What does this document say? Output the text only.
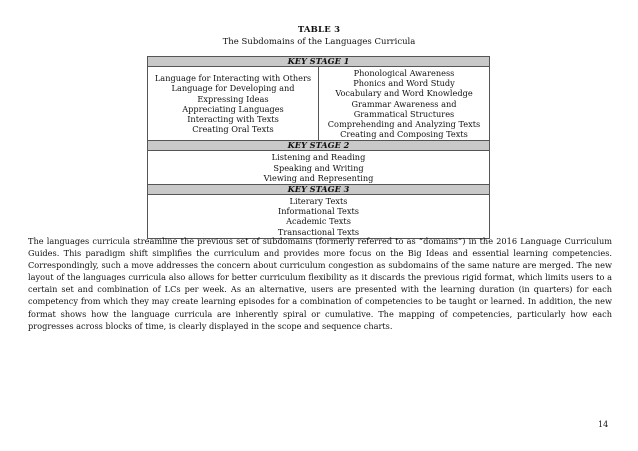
TABLE 3
The Subdomains of the Languages Curricula
KEY STAGE 1

Language for Interacting with Others
Language for Developing and
Expressing Ideas
Appreciating Languages
Interacting with Texts
Creating Oral Texts

Phonological Awareness
Phonics and Word Study
Vocabulary and Word Knowledge
Grammar Awareness and
Grammatical Structures
Comprehending and Analyzing Texts
Creating and Composing Texts

KEY STAGE 2

Listening and Reading
Speaking and Writing
Viewing and Representing

KEY STAGE 3

Literary Texts
Informational Texts
Academic Texts
Transactional Texts

The languages curricula streamline the previous set of subdomains (formerly referred to as “domains”) in the 2016 Language Curriculum Guides. This paradigm shift simplifies the curriculum and provides more focus on the Big Ideas and essential learning competencies. Correspondingly, such a move addresses the concern about curriculum congestion as subdomains of the same nature are merged. The new layout of the languages curricula also allows for better curriculum flexibility as it discards the previous rigid format, which limits users to a certain set and combination of LCs per week. As an alternative, users are presented with the learning duration (in quarters) for each competency from which they may create learning episodes for a combination of competencies to be taught or learned. In addition, the new format shows how the language curricula are inherently spiral or cumulative. The mapping of competencies, particularly how each progresses across blocks of time, is clearly displayed in the scope and sequence charts.

14
